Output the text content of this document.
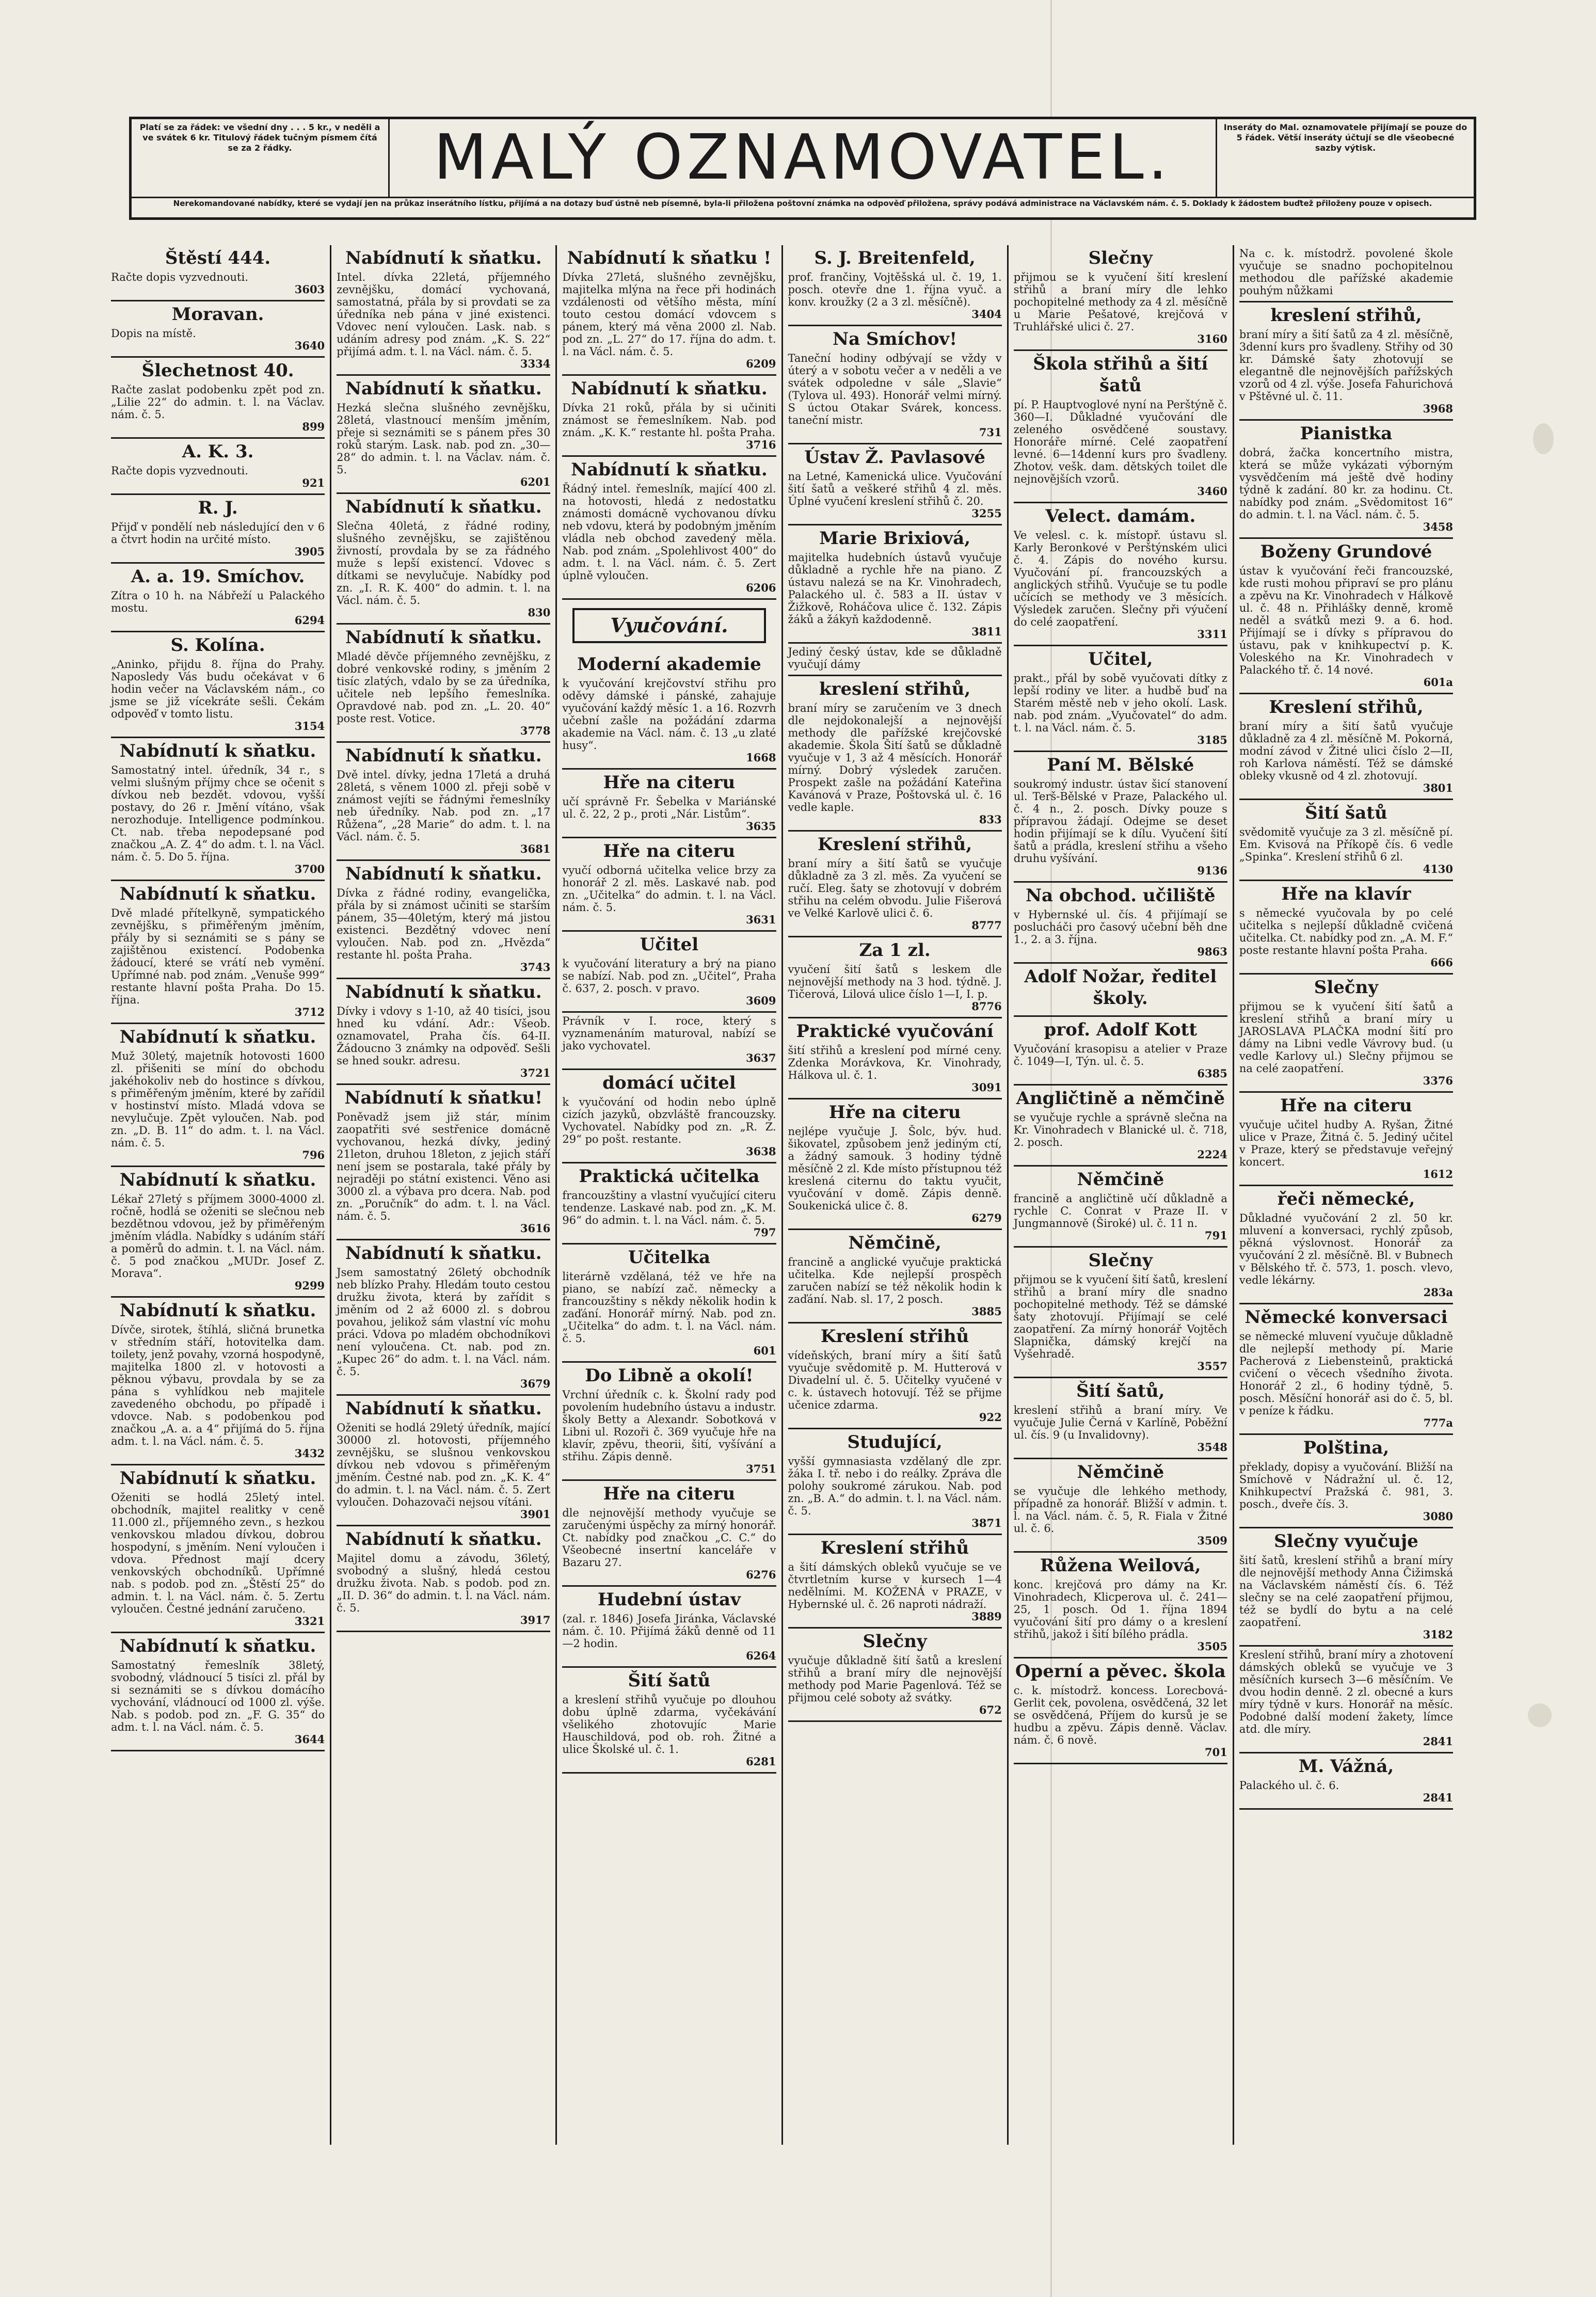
Platí se za řádek: ve všední dny . . . 5 kr., v neděli a ve svátek 6 kr. Titulový řádek tučným písmem čítá se za 2 řádky.	MALÝ OZNAMOVATEL.	Inseráty do Mal. oznamovatele přijímají se pouze do 5 řádek. Větší inseráty účtují se dle všeobecné sazby výtisk.
Nerekomandované nabídky, které se vydají jen na průkaz inserátního lístku, přijímá a na dotazy buď ústně neb písemně, byla-li přiložena poštovní známka na odpověď přiložena, správy podává administrace na Václavském nám. č. 5. Doklady k žádostem buďtež přiloženy pouze v opisech.
Štěstí 444.
Račte dopis vyzvednouti.
3603
Moravan.
Dopis na místě.
3640
Šlechetnost 40.
Račte zaslat podobenku zpět pod zn. „Lilie 22“ do admin. t. l. na Václav. nám. č. 5.
899
A. K. 3.
Račte dopis vyzvednouti.
921
R. J.
Přijď v pondělí neb následující den v 6 a čtvrt hodin na určité místo.
3905
A. a. 19. Smíchov.
Zítra o 10 h. na Nábřeží u Palackého mostu.
6294
S. Kolína.
„Aninko, přijdu 8. října do Prahy. Naposledy Vás budu očekávat v 6 hodin večer na Václavském nám., co jsme se již vícekráte sešli. Čekám odpověď v tomto listu.
3154
Nabídnutí k sňatku.
Samostatný intel. úředník, 34 r., s velmi slušným příjmy chce se očenit s dívkou neb bezdět. vdovou, vyšší postavy, do 26 r. Jmění vítáno, však nerozhoduje. Intelligence podmínkou. Ct. nab. třeba nepodepsané pod značkou „A. Z. 4“ do adm. t. l. na Václ. nám. č. 5. Do 5. října.
3700
Nabídnutí k sňatku.
Dvě mladé přítelkyně, sympatického zevnějšku, s přiměřeným jměním, přály by si seznámiti se s pány se zajištěnou existencí. Podobenka žádoucí, které se vrátí neb vymění. Upřímné nab. pod znám. „Venuše 999“ restante hlavní pošta Praha. Do 15. října.
3712
Nabídnutí k sňatku.
Muž 30letý, majetník hotovosti 1600 zl. přišeniti se míní do obchodu jakéhokoliv neb do hostince s dívkou, s přiměřeným jměním, které by zařídil v hostinství místo. Mladá vdova se nevylučuje. Zpět vyloučen. Nab. pod zn. „D. B. 11“ do adm. t. l. na Václ. nám. č. 5.
796
Nabídnutí k sňatku.
Lékař 27letý s příjmem 3000-4000 zl. ročně, hodlá se oženiti se slečnou neb bezdětnou vdovou, jež by přiměřeným jměním vládla. Nabídky s udáním stáří a poměrů do admin. t. l. na Václ. nám. č. 5 pod značkou „MUDr. Josef Z. Morava“.
9299
Nabídnutí k sňatku.
Dívče, sirotek, štíhlá, sličná brunetka v středním stáří, hotovitelka dam. toilety, jenž povahy, vzorná hospodyně, majitelka 1800 zl. v hotovosti a pěknou výbavu, provdala by se za pána s vyhlídkou neb majitele zavedeného obchodu, po případě i vdovce. Nab. s podobenkou pod značkou „A. a. a 4“ přijímá do 5. října adm. t. l. na Václ. nám. č. 5.
3432
Nabídnutí k sňatku.
Oženiti se hodlá 25letý intel. obchodník, majitel realitky v ceně 11.000 zl., příjemného zevn., s hezkou venkovskou mladou dívkou, dobrou hospodyní, s jměním. Není vyloučen i vdova. Přednost mají dcery venkovských obchodníků. Upřímné nab. s podob. pod zn. „Štěstí 25“ do admin. t. l. na Václ. nám. č. 5. Zertu vyloučen. Čestné jednání zaručeno.
3321
Nabídnutí k sňatku.
Samostatný řemeslník 38letý, svobodný, vládnoucí 5 tisíci zl. přál by si seznámiti se s dívkou domácího vychování, vládnoucí od 1000 zl. výše. Nab. s podob. pod zn. „F. G. 35“ do adm. t. l. na Václ. nám. č. 5.
3644
Nabídnutí k sňatku.
Intel. dívka 22letá, příjemného zevnějšku, domácí vychovaná, samostatná, přála by si provdati se za úředníka neb pána v jiné existenci. Vdovec není vyloučen. Lask. nab. s udáním adresy pod znám. „K. S. 22“ přijímá adm. t. l. na Václ. nám. č. 5.
3334
Nabídnutí k sňatku.
Hezká slečna slušného zevnějšku, 28letá, vlastnoucí menším jměním, přeje si seznámiti se s pánem přes 30 roků starým. Lask. nab. pod zn. „30—28“ do admin. t. l. na Václav. nám. č. 5.
6201
Nabídnutí k sňatku.
Slečna 40letá, z řádné rodiny, slušného zevnějšku, se zajištěnou živností, provdala by se za řádného muže s lepší existencí. Vdovec s dítkami se nevylučuje. Nabídky pod zn. „I. R. K. 400“ do admin. t. l. na Václ. nám. č. 5.
830
Nabídnutí k sňatku.
Mladé děvče příjemného zevnějšku, z dobré venkovské rodiny, s jměním 2 tisíc zlatých, vdalo by se za úředníka, učitele neb lepšího řemeslníka. Opravdové nab. pod zn. „L. 20. 40“ poste rest. Votice.
3778
Nabídnutí k sňatku.
Dvě intel. dívky, jedna 17letá a druhá 28letá, s věnem 1000 zl. přeji sobě v známost vejíti se řádnými řemeslníky neb úředníky. Nab. pod zn. „17 Růžena“, „28 Marie“ do adm. t. l. na Václ. nám. č. 5.
3681
Nabídnutí k sňatku.
Dívka z řádné rodiny, evangelička, přála by si známost učiniti se starším pánem, 35—40letým, který má jistou existenci. Bezdětný vdovec není vyloučen. Nab. pod zn. „Hvězda“ restante hl. pošta Praha.
3743
Nabídnutí k sňatku.
Dívky i vdovy s 1-10, až 40 tisíci, jsou hned ku vdání. Adr.: Všeob. oznamovatel, Praha čís. 64-II. Žádoucno 3 známky na odpověď. Sešli se hned soukr. adresu.
3721
Nabídnutí k sňatku!
Poněvadž jsem již stár, mínim zaopatřiti své sestřenice domácně vychovanou, hezká dívky, jediný 21leton, druhou 18leton, z jejich stáří není jsem se postarala, také přály by nejraději po státní existenci. Věno asi 3000 zl. a výbava pro dcera. Nab. pod zn. „Poručník“ do adm. t. l. na Václ. nám. č. 5.
3616
Nabídnutí k sňatku.
Jsem samostatný 26letý obchodník neb blízko Prahy. Hledám touto cestou družku života, která by zařídit s jměním od 2 až 6000 zl. s dobrou povahou, jelikož sám vlastní víc mohu práci. Vdova po mladém obchodníkovi není vyloučena. Ct. nab. pod zn. „Kupec 26“ do adm. t. l. na Václ. nám. č. 5.
3679
Nabídnutí k sňatku.
Oženiti se hodlá 29letý úředník, mající 30000 zl. hotovosti, příjemného zevnějšku, se slušnou venkovskou dívkou neb vdovou s přiměřeným jměním. Čestné nab. pod zn. „K. K. 4“ do admin. t. l. na Václ. nám. č. 5. Zert vyloučen. Dohazovači nejsou vítáni.
3901
Nabídnutí k sňatku.
Majitel domu a závodu, 36letý, svobodný a slušný, hledá cestou družku života. Nab. s podob. pod zn. „II. D. 36“ do admin. t. l. na Václ. nám. č. 5.
3917
Nabídnutí k sňatku !
Dívka 27letá, slušného zevnějšku, majitelka mlýna na řece při hodinách vzdálenosti od většího města, míní touto cestou domácí vdovcem s pánem, který má věna 2000 zl. Nab. pod zn. „L. 27“ do 17. října do adm. t. l. na Václ. nám. č. 5.
6209
Nabídnutí k sňatku.
Dívka 21 roků, přála by si učiniti známost se řemeslníkem. Nab. pod znám. „K. K.“ restante hl. pošta Praha.
3716
Nabídnutí k sňatku.
Řádný intel. řemeslník, mající 400 zl. na hotovosti, hledá z nedostatku známosti domácně vychovanou dívku neb vdovu, která by podobným jměním vládla neb obchod zavedený měla. Nab. pod znám. „Spolehlivost 400“ do adm. t. l. na Václ. nám. č. 5. Zert úplně vyloučen.
6206
Vyučování.
Moderní akademie
k vyučování krejčovství střihu pro oděvy dámské i pánské, zahajuje vyučování každý měsíc 1. a 16. Rozvrh učební zašle na požádání zdarma akademie na Václ. nám. č. 13 „u zlaté husy“.
1668
Hře na citeru
učí správně Fr. Šebelka v Mariánské ul. č. 22, 2 p., proti „Nár. Listům“.
3635
Hře na citeru
vyučí odborná učitelka velice brzy za honorář 2 zl. měs. Laskavé nab. pod zn. „Učitelka“ do admin. t. l. na Václ. nám. č. 5.
3631
Učitel
k vyučování literatury a brý na piano se nabízí. Nab. pod zn. „Učitel“, Praha č. 637, 2. posch. v pravo.
3609
Právník v I. roce, který s vyznamenáním maturoval, nabízí se jako vychovatel.
3637
domácí učitel
k vyučování od hodin nebo úplně cizích jazyků, obzvláště francouzsky. Vychovatel. Nabídky pod zn. „R. Z. 29“ po pošt. restante.
3638
Praktická učitelka
francouzštiny a vlastní vyučující citeru tendenze. Laskavé nab. pod zn. „K. M. 96“ do admin. t. l. na Václ. nám. č. 5.
797
Učitelka
literárně vzdělaná, též ve hře na piano, se nabízí zač. německy a francouzštiny s někdy několik hodin k zaďání. Honorář mírný. Nab. pod zn. „Učitelka“ do adm. t. l. na Václ. nám. č. 5.
601
Do Libně a okolí!
Vrchní úředník c. k. Školní rady pod povolením hudebního ústavu a industr. školy Betty a Alexandr. Sobotková v Libni ul. Rozoři č. 369 vyučuje hře na klavír, zpěvu, theorii, šití, vyšívání a střihu. Zápis denně.
3751
Hře na citeru
dle nejnovější methody vyučuje se zaručenými úspěchy za mírný honorář. Ct. nabídky pod značkou „C. C.“ do Všeobecné insertní kanceláře v Bazaru 27.
6276
Hudební ústav
(zal. r. 1846) Josefa Jiránka, Václavské nám. č. 10. Přijímá žáků denně od 11—2 hodin.
6264
Šití šatů
a kreslení střihů vyučuje po dlouhou dobu úplně zdarma, vyčekávání všelikého zhotovujíc Marie Hauschildová, pod ob. roh. Žitné a ulice Školské ul. č. 1.
6281
S. J. Breitenfeld,
prof. frančiny, Vojtěšská ul. č. 19, 1. posch. otevře dne 1. října vyuč. a konv. kroužky (2 a 3 zl. měsíčně).
3404
Na Smíchov!
Taneční hodiny odbývají se vždy v úterý a v sobotu večer a v neděli a ve svátek odpoledne v sále „Slavie“ (Tylova ul. 493). Honorář velmi mírný. S úctou Otakar Svárek, koncess. taneční mistr.
731
Ústav Ž. Pavlasové
na Letné, Kamenická ulice. Vyučování šití šatů a veškeré střihů 4 zl. měs. Úplné vyučení kreslení střihů č. 20.
3255
Marie Brixiová,
majitelka hudebních ústavů vyučuje důkladně a rychle hře na piano. Z ústavu nalezá se na Kr. Vinohradech, Palackého ul. č. 583 a II. ústav v Žižkově, Roháčova ulice č. 132. Zápis žáků a žákyň každodenně.
3811
Jediný český ústav, kde se důkladně vyučují dámy
kreslení střihů,
braní míry se zaručením ve 3 dnech dle nejdokonalejší a nejnovější methody dle pařížské krejčovské akademie. Škola Šití šatů se důkladně vyučuje v 1, 3 až 4 měsících. Honorář mírný. Dobrý výsledek zaručen. Prospekt zašle na požádání Kateřina Kavánová v Praze, Poštovská ul. č. 16 vedle kaple.
833
Kreslení střihů,
braní míry a šití šatů se vyučuje důkladně za 3 zl. měs. Za vyučení se ručí. Eleg. šaty se zhotovují v dobrém střihu na celém obvodu. Julie Fišerová ve Velké Karlově ulici č. 6.
8777
Za 1 zl.
vyučení šití šatů s leskem dle nejnovější methody na 3 hod. týdně. J. Tičerová, Lilová ulice číslo 1—I, I. p.
8776
Praktické vyučování
šití střihů a kreslení pod mírné ceny. Zdenka Morávkova, Kr. Vinohrady, Hálkova ul. č. 1.
3091
Hře na citeru
nejlépe vyučuje J. Šolc, býv. hud. šikovatel, způsobem jenž jediným ctí, a žádný samouk. 3 hodiny týdně měsíčně 2 zl. Kde místo přístupnou též kreslená citernu do taktu vyučit, vyučování v domě. Zápis denně. Soukenická ulice č. 8.
6279
Němčině,
francině a anglické vyučuje praktická učitelka. Kde nejlepší prospěch zaručen nabízí se též několik hodin k zaďání. Nab. sl. 17, 2 posch.
3885
Kreslení střihů
vídeňských, braní míry a šití šatů vyučuje svědomitě p. M. Hutterová v Divadelní ul. č. 5. Učitelky vyučené v c. k. ústavech hotovují. Též se přijme učenice zdarma.
922
Studující,
vyšší gymnasiasta vzdělaný dle zpr. žáka I. tř. nebo i do reálky. Zpráva dle polohy soukromé zárukou. Nab. pod zn. „B. A.“ do admin. t. l. na Václ. nám. č. 5.
3871
Kreslení střihů
a šití dámských obleků vyučuje se ve čtvrtletním kurse v kursech 1—4 nedělními. M. KOŽENÁ v PRAZE, v Hybernské ul. č. 26 naproti nádraží.
3889
Slečny
vyučuje důkladně šití šatů a kreslení střihů a braní míry dle nejnovější methody pod Marie Pagenlová. Též se přijmou celé soboty až svátky.
672
Slečny
přijmou se k vyučení šití kreslení střihů a braní míry dle lehko pochopitelné methody za 4 zl. měsíčně u Marie Pešatové, krejčová v Truhlářské ulici č. 27.
3160
Škola střihů a šití šatů
pí. P. Hauptvoglové nyní na Perštýně č. 360—I. Důkladné vyučování dle zeleného osvědčené soustavy. Honoráře mírné. Celé zaopatření levné. 6—14denní kurs pro švadleny. Zhotov. vešk. dam. dětských toilet dle nejnovějších vzorů.
3460
Velect. damám.
Ve velesl. c. k. místopř. ústavu sl. Karly Beronkové v Perštýnském ulici č. 4. Zápis do nového kursu. Vyučování pí. francouzských a anglických střihů. Vyučuje se tu podle učících se methody ve 3 měsících. Výsledek zaručen. Slečny při výučení do celé zaopatření.
3311
Učitel,
prakt., přál by sobě vyučovati dítky z lepší rodiny ve liter. a hudbě buď na Starém městě neb v jeho okolí. Lask. nab. pod znám. „Vyučovatel“ do adm. t. l. na Václ. nám. č. 5.
3185
Paní M. Bělské
soukromý industr. ústav šicí stanovení ul. Terš-Bělské v Praze, Palackého ul. č. 4 n., 2. posch. Dívky pouze s přípravou žádají. Odejme se deset hodin přijímají se k dílu. Vyučení šití šatů a prádla, kreslení střihu a všeho druhu vyšívání.
9136
Na obchod. učiliště
v Hybernské ul. čís. 4 přijímají se poslucháči pro časový učební běh dne 1., 2. a 3. října.
9863
Adolf Nožar, ředitel školy.
prof. Adolf Kott
Vyučování krasopisu a atelier v Praze č. 1049—I, Týn. ul. č. 5.
6385
Angličtině a němčině
se vyučuje rychle a správně slečna na Kr. Vinohradech v Blanické ul. č. 718, 2. posch.
2224
Němčině
francině a angličtině učí důkladně a rychle C. Conrat v Praze II. v Jungmannově (Široké) ul. č. 11 n.
791
Slečny
přijmou se k vyučení šití šatů, kreslení střihů a braní míry dle snadno pochopitelné methody. Též se dámské šaty zhotovují. Přijímají se celé zaopatření. Za mírný honorář Vojtěch Slapnička, dámský krejčí na Vyšehradě.
3557
Šití šatů,
kreslení střihů a braní míry. Ve vyučuje Julie Černá v Karlíně, Poběžní ul. čís. 9 (u Invalidovny).
3548
Němčině
se vyučuje dle lehkého methody, případně za honorář. Bližší v admin. t. l. na Václ. nám. č. 5, R. Fiala v Žitné ul. č. 6.
3509
Růžena Weilová,
konc. krejčová pro dámy na Kr. Vinohradech, Klicperova ul. č. 241—25, 1 posch. Od 1. října 1894 vyučování šití pro dámy o a kreslení střihů, jakož i šití bílého prádla.
3505
Operní a pěvec. škola
c. k. místodrž. koncess. Lorecbová-Gerlit cek, povolena, osvědčená, 32 let se osvědčená, Příjem do kursů je se hudbu a zpěvu. Zápis denně. Václav. nám. č. 6 nově.
701
Na c. k. místodrž. povolené škole vyučuje se snadno pochopitelnou methodou dle pařížské akademie pouhým nůžkami
kreslení střihů,
braní míry a šití šatů za 4 zl. měsíčně, 3denní kurs pro švadleny. Střihy od 30 kr. Dámské šaty zhotovují se elegantně dle nejnovějších pařížských vzorů od 4 zl. výše. Josefa Fahurichová v Pštěvné ul. č. 11.
3968
Pianistka
dobrá, žačka koncertního mistra, která se může vykázati výborným vysvědčením má ještě dvě hodiny týdně k zadání. 80 kr. za hodinu. Ct. nabídky pod znám. „Svědomitost 16“ do admin. t. l. na Václ. nám. č. 5.
3458
Boženy Grundové
ústav k vyučování řeči francouzské, kde rusti mohou připraví se pro plánu a zpěvu na Kr. Vinohradech v Hálkově ul. č. 48 n. Přihlášky denně, kromě neděl a svátků mezi 9. a 6. hod. Přijímají se i dívky s přípravou do ústavu, pak v knihkupectví p. K. Voleského na Kr. Vinohradech v Palackého tř. č. 14 nové.
601a
Kreslení střihů,
braní míry a šití šatů vyučuje důkladně za 4 zl. měsíčně M. Pokorná, modní závod v Žitné ulici číslo 2—II, roh Karlova náměstí. Též se dámské obleky vkusně od 4 zl. zhotovují.
3801
Šití šatů
svědomitě vyučuje za 3 zl. měsíčně pí. Em. Kvisová na Příkopě čís. 6 vedle „Spinka“. Kreslení střihů 6 zl.
4130
Hře na klavír
s německé vyučovala by po celé učitelka s nejlepší důkladně cvičená učitelka. Ct. nabídky pod zn. „A. M. F.“ poste restante hlavní pošta Praha.
666
Slečny
přijmou se k vyučení šití šatů a kreslení střihů a braní míry u JAROSLAVA PLAČKA modní šití pro dámy na Libni vedle Vávrovy bud. (u vedle Karlovy ul.) Slečny přijmou se na celé zaopatření.
3376
Hře na citeru
vyučuje učitel hudby A. Ryšan, Žitné ulice v Praze, Žitná č. 5. Jediný učitel v Praze, který se představuje veřejný koncert.
1612
řeči německé,
Důkladné vyučování 2 zl. 50 kr. mluvení a konversaci, rychlý způsob, pěkná výslovnost. Honorář za vyučování 2 zl. měsíčně. Bl. v Bubnech v Bělského tř. č. 573, 1. posch. vlevo, vedle lékárny.
283a
Německé konversaci
se německé mluvení vyučuje důkladně dle nejlepší methody pí. Marie Pacherová z Liebensteinů, praktická cvičení o věcech všedního života. Honorář 2 zl., 6 hodiny týdně, 5. posch. Měsíční honorář asi do č. 5, bl. v peníze k řádku.
777a
Polština,
překlady, dopisy a vyučování. Bližší na Smíchově v Nádražní ul. č. 12, Knihkupectví Pražská č. 981, 3. posch., dveře čís. 3.
3080
Slečny vyučuje
šití šatů, kreslení střihů a braní míry dle nejnovější methody Anna Čižimská na Václavském náměstí čís. 6. Též slečny se na celé zaopatření přijmou, též se bydlí do bytu a na celé zaopatření.
3182
Kreslení střihů, braní míry a zhotovení dámských obleků se vyučuje ve 3 měsíčních kursech 3—6 měsíčním. Ve dvou hodin denně. 2 zl. obecné a kurs míry týdně v kurs. Honorář na měsíc. Podobné další modení žakety, límce atd. dle míry.
2841
M. Vážná,
Palackého ul. č. 6.
2841
